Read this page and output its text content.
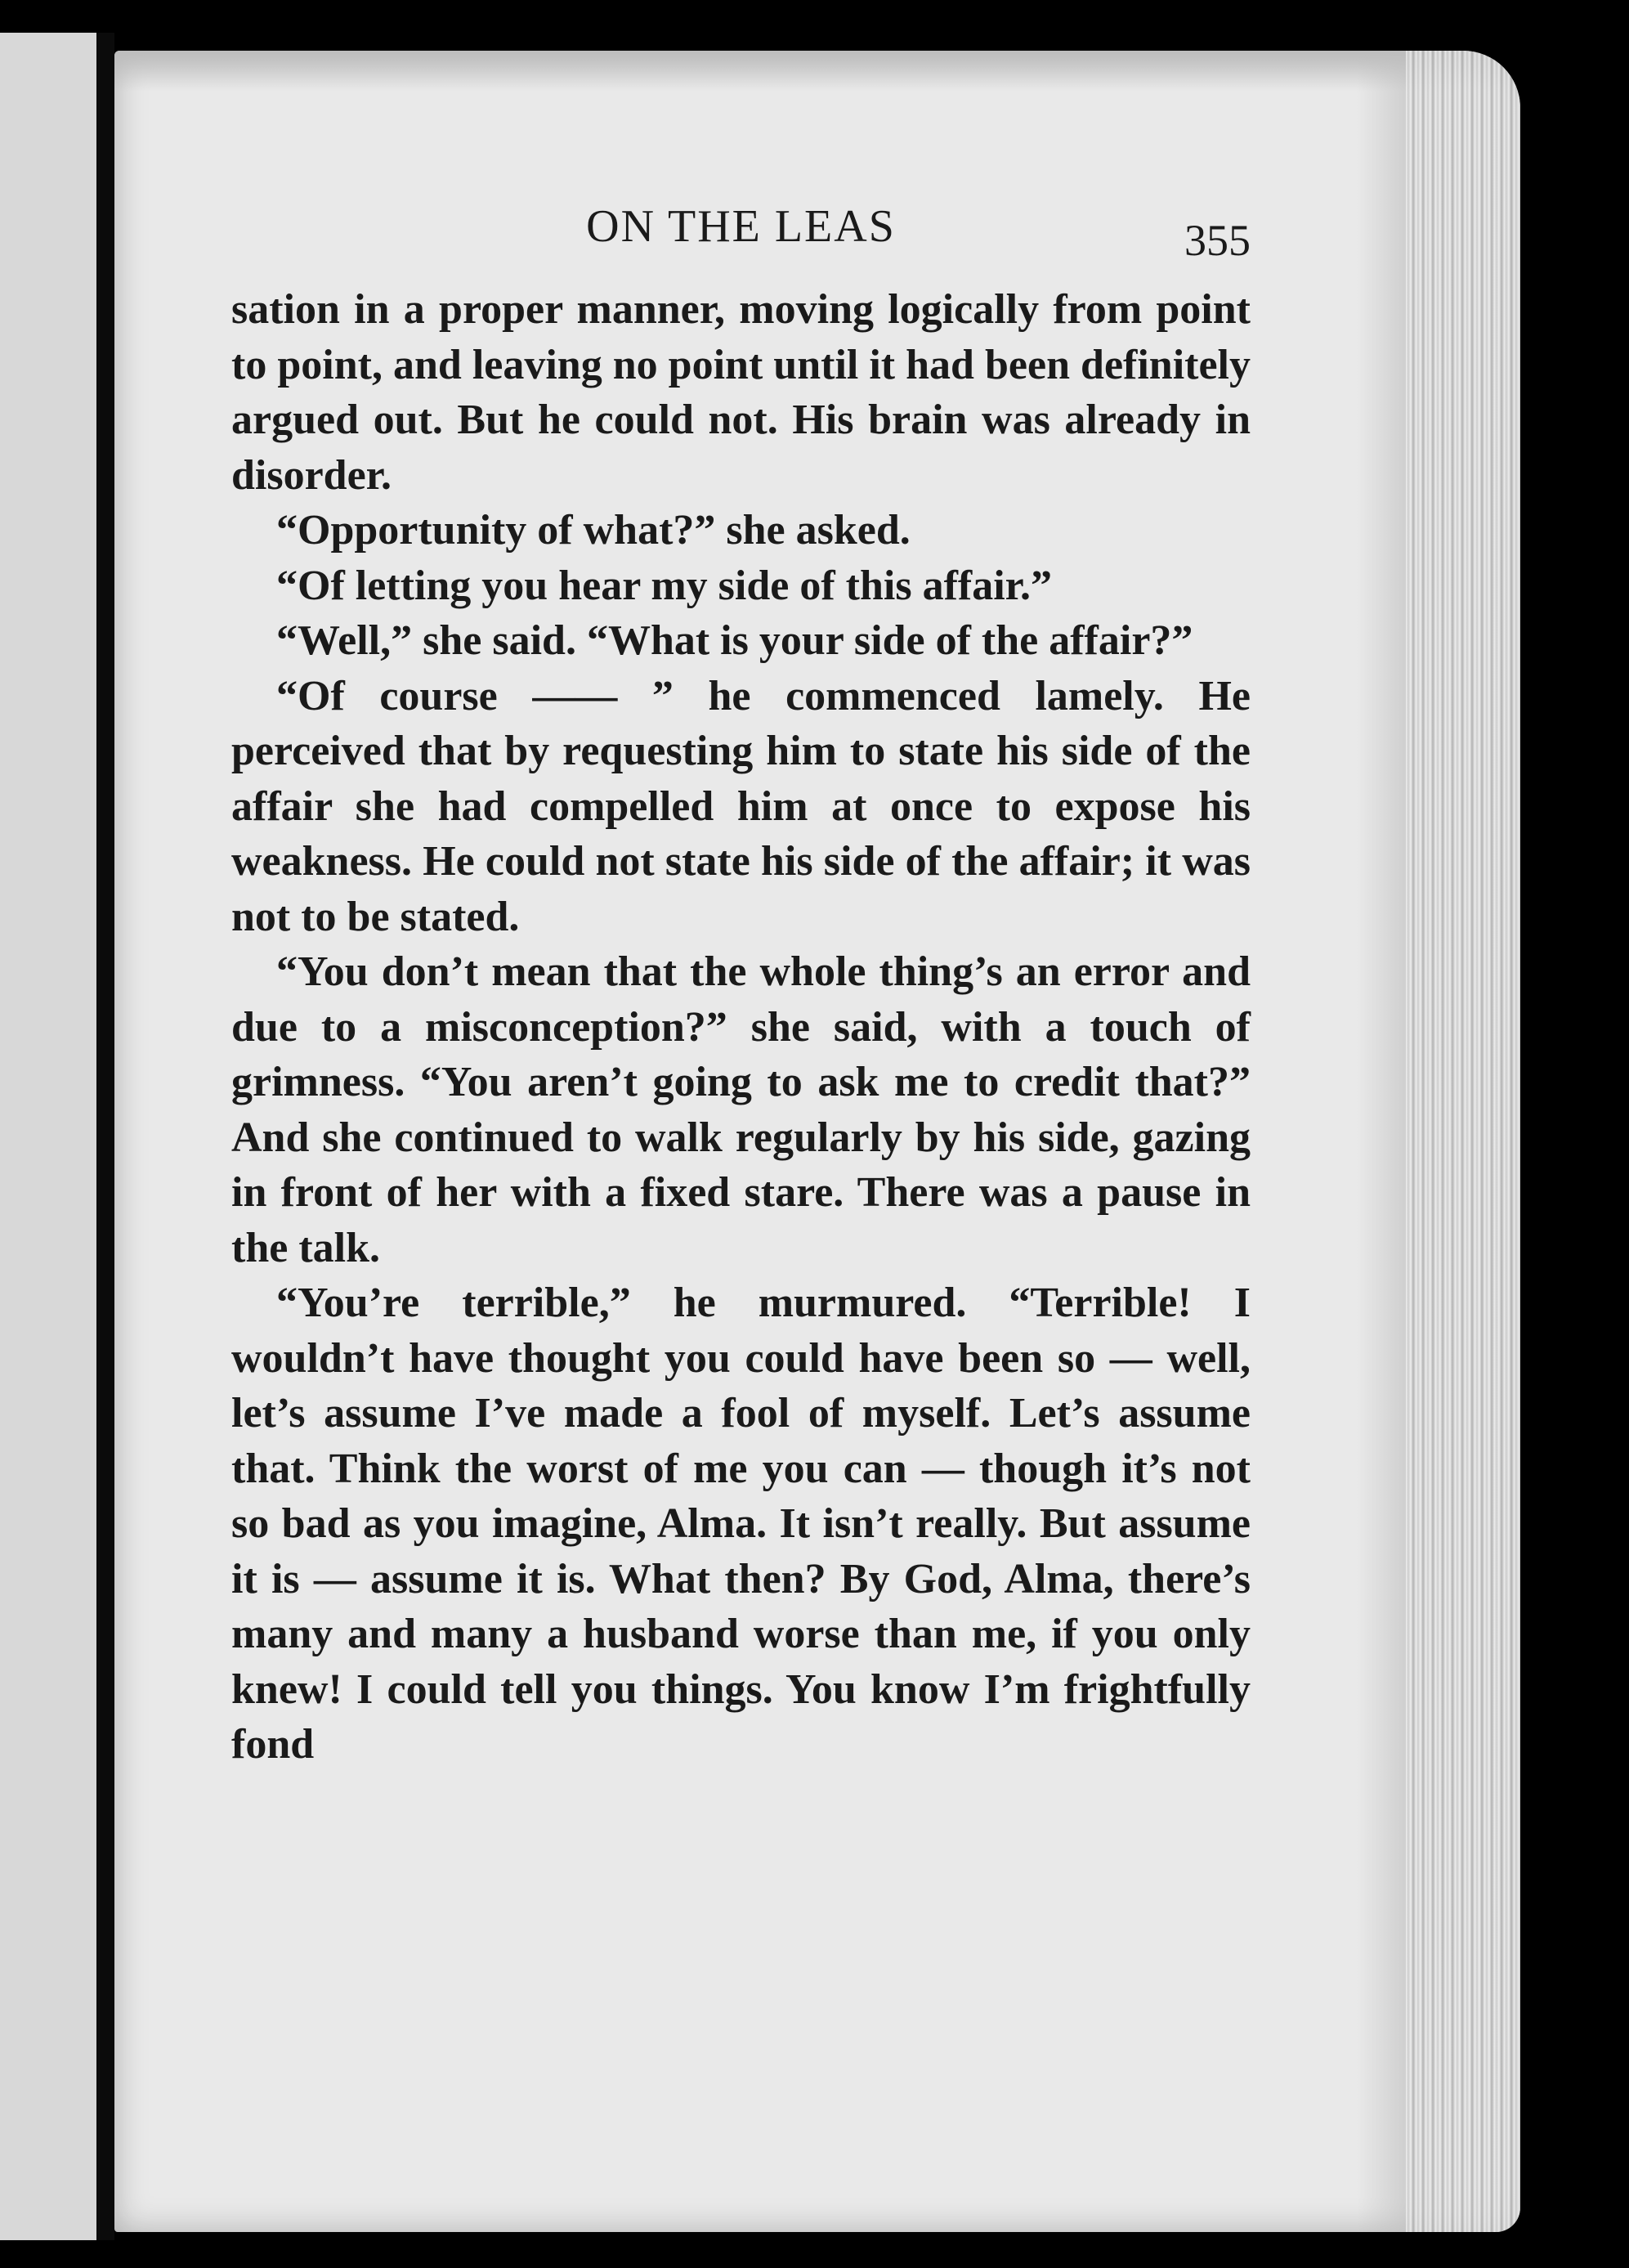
ON THE LEAS	355

sation in a proper manner, moving logically from point to point, and leaving no point until it had been definitely argued out. But he could not. His brain was already in disorder.

“Opportunity of what?” she asked.

“Of letting you hear my side of this affair.”

“Well,” she said. “What is your side of the affair?”

“Of course —— ” he commenced lamely. He perceived that by requesting him to state his side of the affair she had compelled him at once to expose his weakness. He could not state his side of the affair; it was not to be stated.

“You don’t mean that the whole thing’s an error and due to a misconception?” she said, with a touch of grimness. “You aren’t going to ask me to credit that?” And she continued to walk regularly by his side, gazing in front of her with a fixed stare. There was a pause in the talk.

“You’re terrible,” he murmured. “Terrible! I wouldn’t have thought you could have been so — well, let’s assume I’ve made a fool of myself. Let’s assume that. Think the worst of me you can — though it’s not so bad as you imagine, Alma. It isn’t really. But assume it is — assume it is. What then? By God, Alma, there’s many and many a husband worse than me, if you only knew! I could tell you things. You know I’m frightfully fond
